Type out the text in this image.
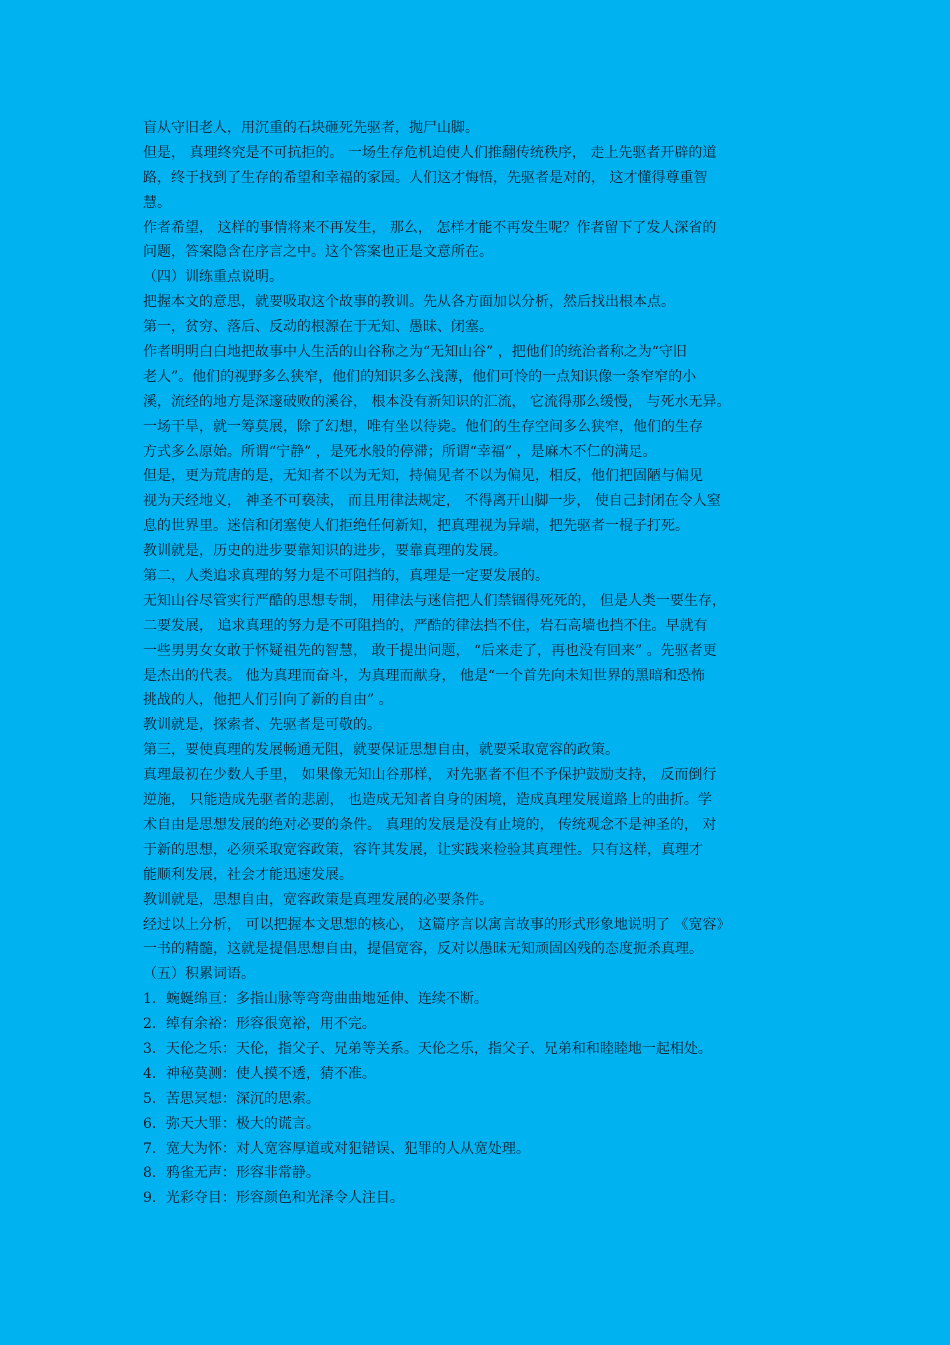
盲从守旧老人，用沉重的石块砸死先驱者，抛尸山脚。
但是， 真理终究是不可抗拒的。 一场生存危机迫使人们推翻传统秩序， 走上先驱者开辟的道
路，终于找到了生存的希望和幸福的家园。人们这才悔悟，先驱者是对的， 这才懂得尊重智
慧。
作者希望， 这样的事情将来不再发生， 那么， 怎样才能不再发生呢？作者留下了发人深省的
问题，答案隐含在序言之中。这个答案也正是文意所在。
（四）训练重点说明。
把握本文的意思，就要吸取这个故事的教训。先从各方面加以分析，然后找出根本点。
第一，贫穷、落后、反动的根源在于无知、愚昧、闭塞。
作者明明白白地把故事中人生活的山谷称之为“无知山谷” ，把他们的统治者称之为“守旧
老人”。他们的视野多么狭窄，他们的知识多么浅薄，他们可怜的一点知识像一条窄窄的小
溪，流经的地方是深邃破败的溪谷， 根本没有新知识的汇流， 它流得那么缓慢， 与死水无异。
一场干旱，就一筹莫展，除了幻想，唯有坐以待毙。他们的生存空间多么狭窄，他们的生存
方式多么原始。所谓“宁静” ，是死水般的停滞；所谓“幸福” ，是麻木不仁的满足。
但是，更为荒唐的是，无知者不以为无知，持偏见者不以为偏见，相反，他们把固陋与偏见
视为天经地义， 神圣不可亵渎， 而且用律法规定， 不得离开山脚一步， 使自己封闭在令人窒
息的世界里。迷信和闭塞使人们拒绝任何新知，把真理视为异端，把先驱者一棍子打死。
教训就是，历史的进步要靠知识的进步，要靠真理的发展。
第二，人类追求真理的努力是不可阻挡的，真理是一定要发展的。
无知山谷尽管实行严酷的思想专制， 用律法与迷信把人们禁锢得死死的， 但是人类一要生存，
二要发展， 追求真理的努力是不可阻挡的，严酷的律法挡不住，岩石高墙也挡不住。早就有
一些男男女女敢于怀疑祖先的智慧， 敢于提出问题， “后来走了，再也没有回来” 。先驱者更
是杰出的代表。 他为真理而奋斗，为真理而献身， 他是“一个首先向未知世界的黑暗和恐怖
挑战的人，他把人们引向了新的自由” 。
教训就是，探索者、先驱者是可敬的。
第三，要使真理的发展畅通无阻，就要保证思想自由，就要采取宽容的政策。
真理最初在少数人手里， 如果像无知山谷那样， 对先驱者不但不予保护鼓励支持， 反而倒行
逆施， 只能造成先驱者的悲剧， 也造成无知者自身的困境，造成真理发展道路上的曲折。学
术自由是思想发展的绝对必要的条件。 真理的发展是没有止境的， 传统观念不是神圣的， 对
于新的思想，必须采取宽容政策，容许其发展，让实践来检验其真理性。只有这样，真理才
能顺利发展，社会才能迅速发展。
教训就是，思想自由，宽容政策是真理发展的必要条件。
经过以上分析， 可以把握本文思想的核心， 这篇序言以寓言故事的形式形象地说明了 《宽容》
一书的精髓，这就是提倡思想自由，提倡宽容，反对以愚昧无知顽固凶残的态度扼杀真理。
（五）积累词语。
1．蜿蜒绵亘：多指山脉等弯弯曲曲地延伸、连续不断。
2．绰有余裕：形容很宽裕，用不完。
3．天伦之乐：天伦，指父子、兄弟等关系。天伦之乐，指父子、兄弟和和睦睦地一起相处。
4．神秘莫测：使人摸不透，猜不准。
5．苦思冥想：深沉的思索。
6．弥天大罪：极大的谎言。
7．宽大为怀：对人宽容厚道或对犯错误、犯罪的人从宽处理。
8．鸦雀无声：形容非常静。
9．光彩夺目：形容颜色和光泽令人注目。
